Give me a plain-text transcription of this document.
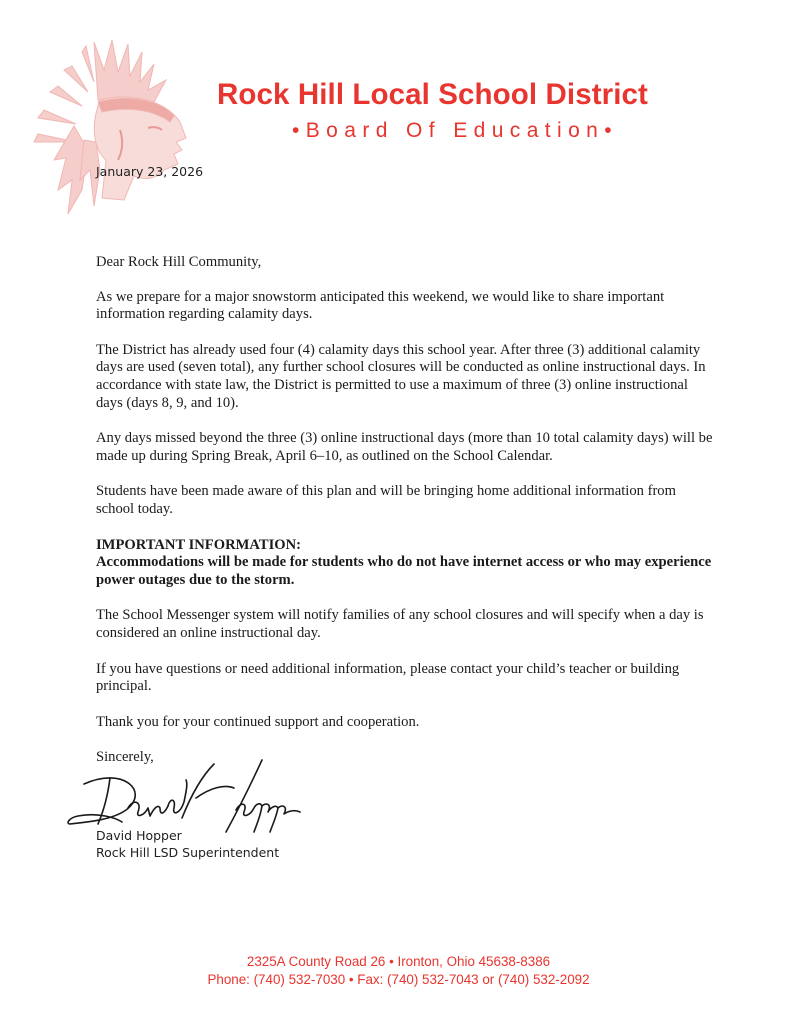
Rock Hill Local School District
•Board Of Education•
January 23, 2026

Dear Rock Hill Community,

As we prepare for a major snowstorm anticipated this weekend, we would like to share important information regarding calamity days.

The District has already used four (4) calamity days this school year. After three (3) additional calamity days are used (seven total), any further school closures will be conducted as online instructional days. In accordance with state law, the District is permitted to use a maximum of three (3) online instructional days (days 8, 9, and 10).

Any days missed beyond the three (3) online instructional days (more than 10 total calamity days) will be made up during Spring Break, April 6–10, as outlined on the School Calendar.

Students have been made aware of this plan and will be bringing home additional information from school today.

IMPORTANT INFORMATION:
Accommodations will be made for students who do not have internet access or who may experience power outages due to the storm.

The School Messenger system will notify families of any school closures and will specify when a day is considered an online instructional day.

If you have questions or need additional information, please contact your child’s teacher or building principal.

Thank you for your continued support and cooperation.

Sincerely,

David Hopper
Rock Hill LSD Superintendent
2325A County Road 26 • Ironton, Ohio 45638-8386
Phone: (740) 532-7030 • Fax: (740) 532-7043 or (740) 532-2092
